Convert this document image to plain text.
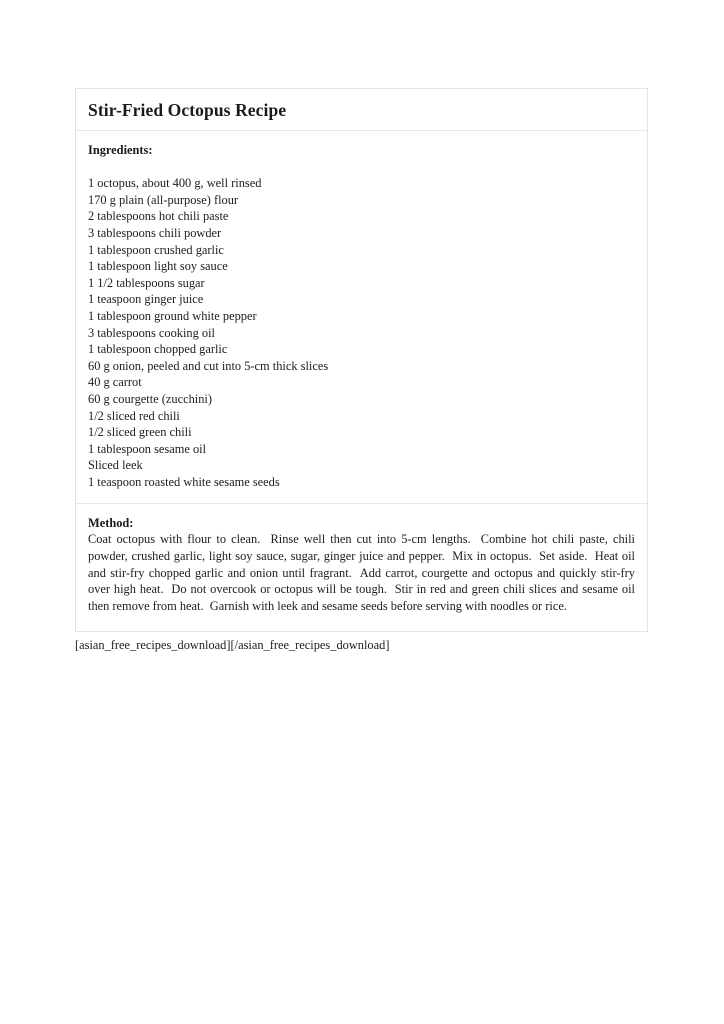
Stir-Fried Octopus Recipe
Ingredients:
1 octopus, about 400 g, well rinsed
170 g plain (all-purpose) flour
2 tablespoons hot chili paste
3 tablespoons chili powder
1 tablespoon crushed garlic
1 tablespoon light soy sauce
1 1/2 tablespoons sugar
1 teaspoon ginger juice
1 tablespoon ground white pepper
3 tablespoons cooking oil
1 tablespoon chopped garlic
60 g onion, peeled and cut into 5-cm thick slices
40 g carrot
60 g courgette (zucchini)
1/2 sliced red chili
1/2 sliced green chili
1 tablespoon sesame oil
Sliced leek
1 teaspoon roasted white sesame seeds
Method:

Coat octopus with flour to clean.  Rinse well then cut into 5-cm lengths.  Combine hot chili paste, chili powder, crushed garlic, light soy sauce, sugar, ginger juice and pepper.  Mix in octopus.  Set aside.  Heat oil and stir-fry chopped garlic and onion until fragrant.  Add carrot, courgette and octopus and quickly stir-fry over high heat.  Do not overcook or octopus will be tough.  Stir in red and green chili slices and sesame oil then remove from heat.  Garnish with leek and sesame seeds before serving with noodles or rice.

[asian_free_recipes_download][/asian_free_recipes_download]
